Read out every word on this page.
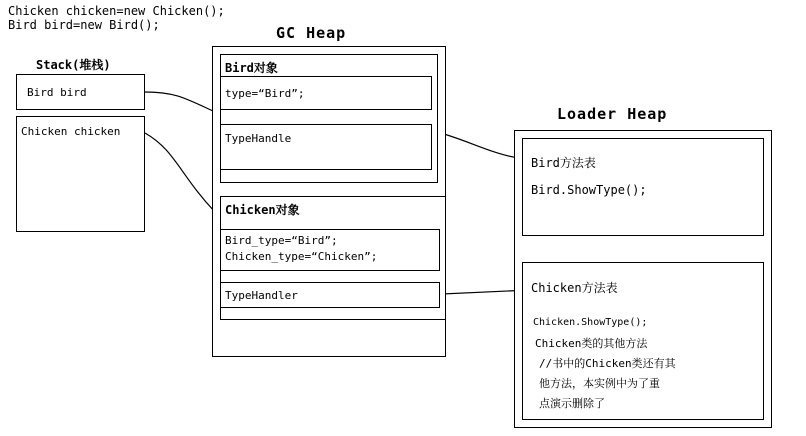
Chicken chicken=new Chicken();
Bird bird=new Bird();
Stack(堆栈)
Bird bird
Chicken chicken
GC Heap
Bird对象
type=“Bird”;
TypeHandle
Chicken对象
Bird_type=“Bird”;
Chicken_type=“Chicken”;
TypeHandler
Loader Heap
Bird方法表
Bird.ShowType();
Chicken方法表
Chicken.ShowType();
Chicken类的其他方法
//书中的Chicken类还有其
他方法，本实例中为了重
点演示删除了
